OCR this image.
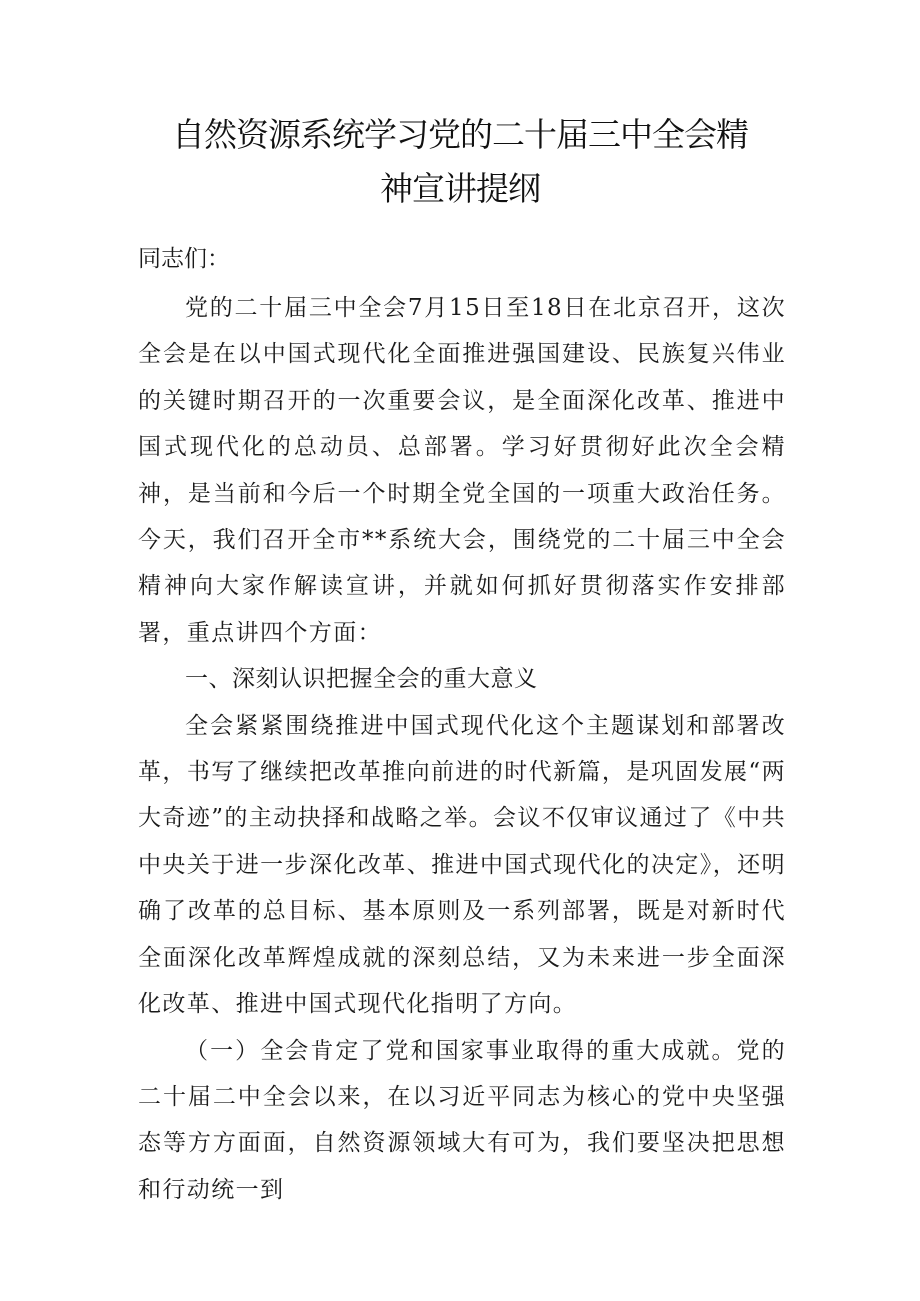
自然资源系统学习党的二十届三中全会精
神宣讲提纲

同志们：

党的二十届三中全会7月15日至18日在北京召开，这次全会是在以中国式现代化全面推进强国建设、民族复兴伟业的关键时期召开的一次重要会议，是全面深化改革、推进中国式现代化的总动员、总部署。学习好贯彻好此次全会精神，是当前和今后一个时期全党全国的一项重大政治任务。今天，我们召开全市**系统大会，围绕党的二十届三中全会精神向大家作解读宣讲，并就如何抓好贯彻落实作安排部署，重点讲四个方面：

一、深刻认识把握全会的重大意义

全会紧紧围绕推进中国式现代化这个主题谋划和部署改革，书写了继续把改革推向前进的时代新篇，是巩固发展“两大奇迹”的主动抉择和战略之举。会议不仅审议通过了《中共中央关于进一步深化改革、推进中国式现代化的决定》，还明确了改革的总目标、基本原则及一系列部署，既是对新时代全面深化改革辉煌成就的深刻总结，又为未来进一步全面深化改革、推进中国式现代化指明了方向。

（一）全会肯定了党和国家事业取得的重大成就。党的二十届二中全会以来，在以习近平同志为核心的党中央坚强态等方方面面，自然资源领域大有可为，我们要坚决把思想和行动统一到
